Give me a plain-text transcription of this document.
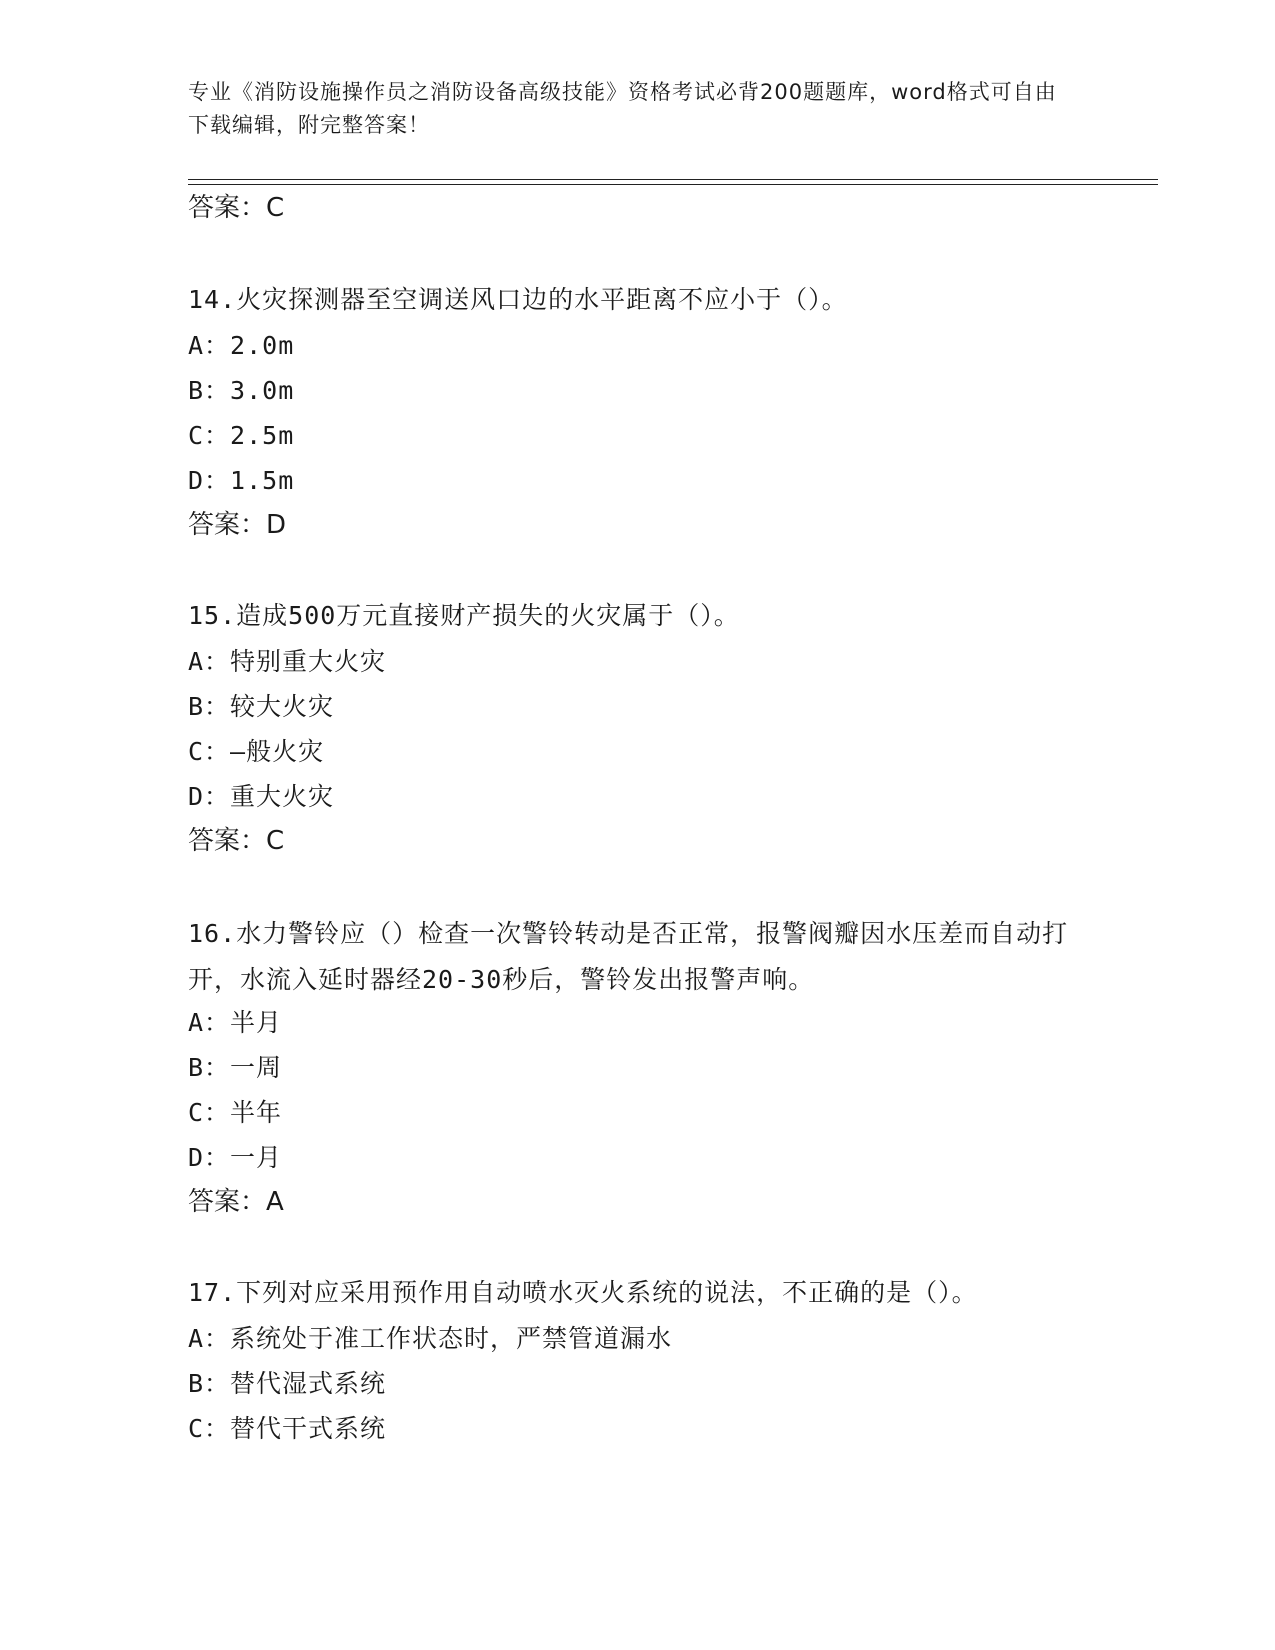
专业《消防设施操作员之消防设备高级技能》资格考试必背200题题库，word格式可自由下载编辑，附完整答案！
答案：C
14.火灾探测器至空调送风口边的水平距离不应小于（）。
A：2.0m
B：3.0m
C：2.5m
D：1.5m
答案：D
15.造成500万元直接财产损失的火灾属于（）。
A：特别重大火灾
B：较大火灾
C：—般火灾
D：重大火灾
答案：C
16.水力警铃应（）检查一次警铃转动是否正常，报警阀瓣因水压差而自动打开，水流入延时器经20-30秒后，警铃发出报警声响。
A：半月
B：一周
C：半年
D：一月
答案：A
17.下列对应采用预作用自动喷水灭火系统的说法，不正确的是（）。
A：系统处于准工作状态时，严禁管道漏水
B：替代湿式系统
C：替代干式系统
